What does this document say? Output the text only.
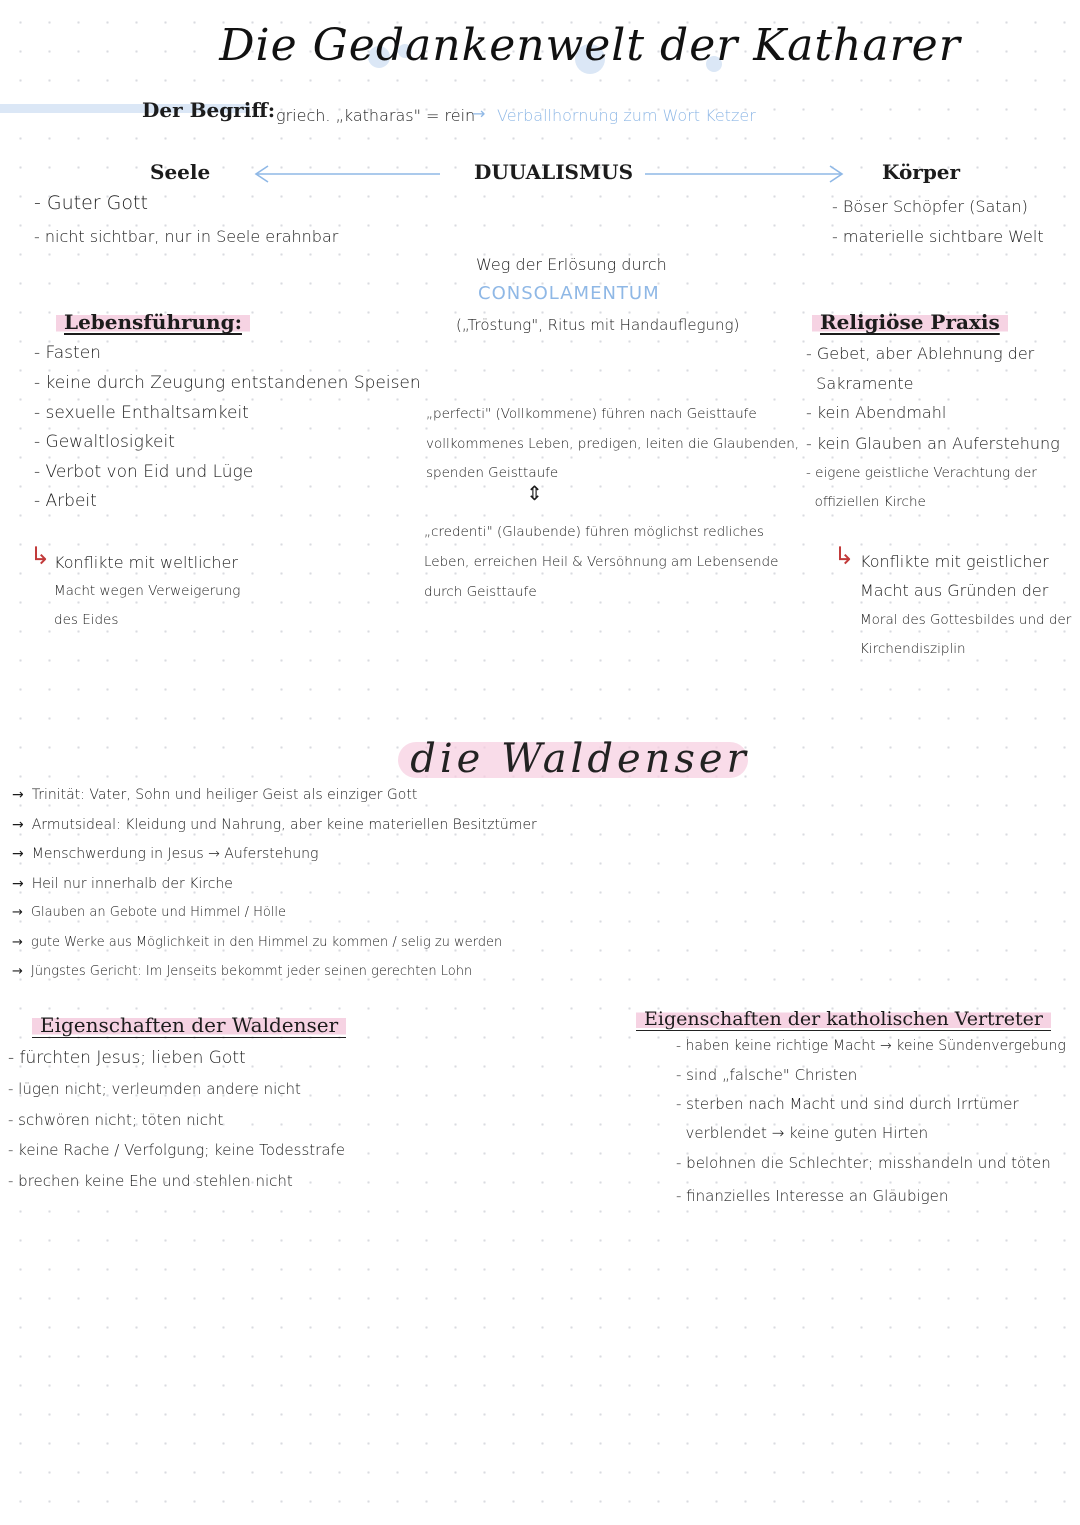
Die Gedankenwelt der Katharer
Der Begriff: griech. „katharas" = rein
→ Verballhornung zum Wort Ketzer
Seele	DUUALISMUS	Körper
- Guter Gott
- nicht sichtbar, nur in Seele erahnbar
- Böser Schöpfer (Satan)
- materielle sichtbare Welt
Weg der Erlösung durch
CONSOLAMENTUM
(„Tröstung", Ritus mit Handauflegung)
Lebensführung:
- Fasten
- keine durch Zeugung entstandenen Speisen
- sexuelle Enthaltsamkeit
- Gewaltlosigkeit
- Verbot von Eid und Lüge
- Arbeit
↳ Konflikte mit weltlicher
Macht wegen Verweigerung
des Eides
„perfecti" (Vollkommene) führen nach Geisttaufe
vollkommenes Leben, predigen, leiten die Glaubenden,
spenden Geisttaufe
⇕
„credenti" (Glaubende) führen möglichst redliches
Leben, erreichen Heil & Versöhnung am Lebensende
durch Geisttaufe
Religiöse Praxis
- Gebet, aber Ablehnung der
Sakramente
- kein Abendmahl
- kein Glauben an Auferstehung
- eigene geistliche Verachtung der
offiziellen Kirche
↳ Konflikte mit geistlicher
Macht aus Gründen der
Moral des Gottesbildes und der
Kirchendisziplin
die Waldenser
→ Trinität: Vater, Sohn und heiliger Geist als einziger Gott
→ Armutsideal: Kleidung und Nahrung, aber keine materiellen Besitztümer
→ Menschwerdung in Jesus → Auferstehung
→ Heil nur innerhalb der Kirche
→ Glauben an Gebote und Himmel / Hölle
→ gute Werke aus Möglichkeit in den Himmel zu kommen / selig zu werden
→ Jüngstes Gericht: Im Jenseits bekommt jeder seinen gerechten Lohn
Eigenschaften der Waldenser
- fürchten Jesus; lieben Gott
- lügen nicht; verleumden andere nicht
- schwören nicht; töten nicht
- keine Rache / Verfolgung; keine Todesstrafe
- brechen keine Ehe und stehlen nicht
Eigenschaften der katholischen Vertreter
- haben keine richtige Macht → keine Sündenvergebung
- sind „falsche" Christen
- sterben nach Macht und sind durch Irrtümer
verblendet → keine guten Hirten
- belohnen die Schlechter; misshandeln und töten
- finanzielles Interesse an Gläubigen
